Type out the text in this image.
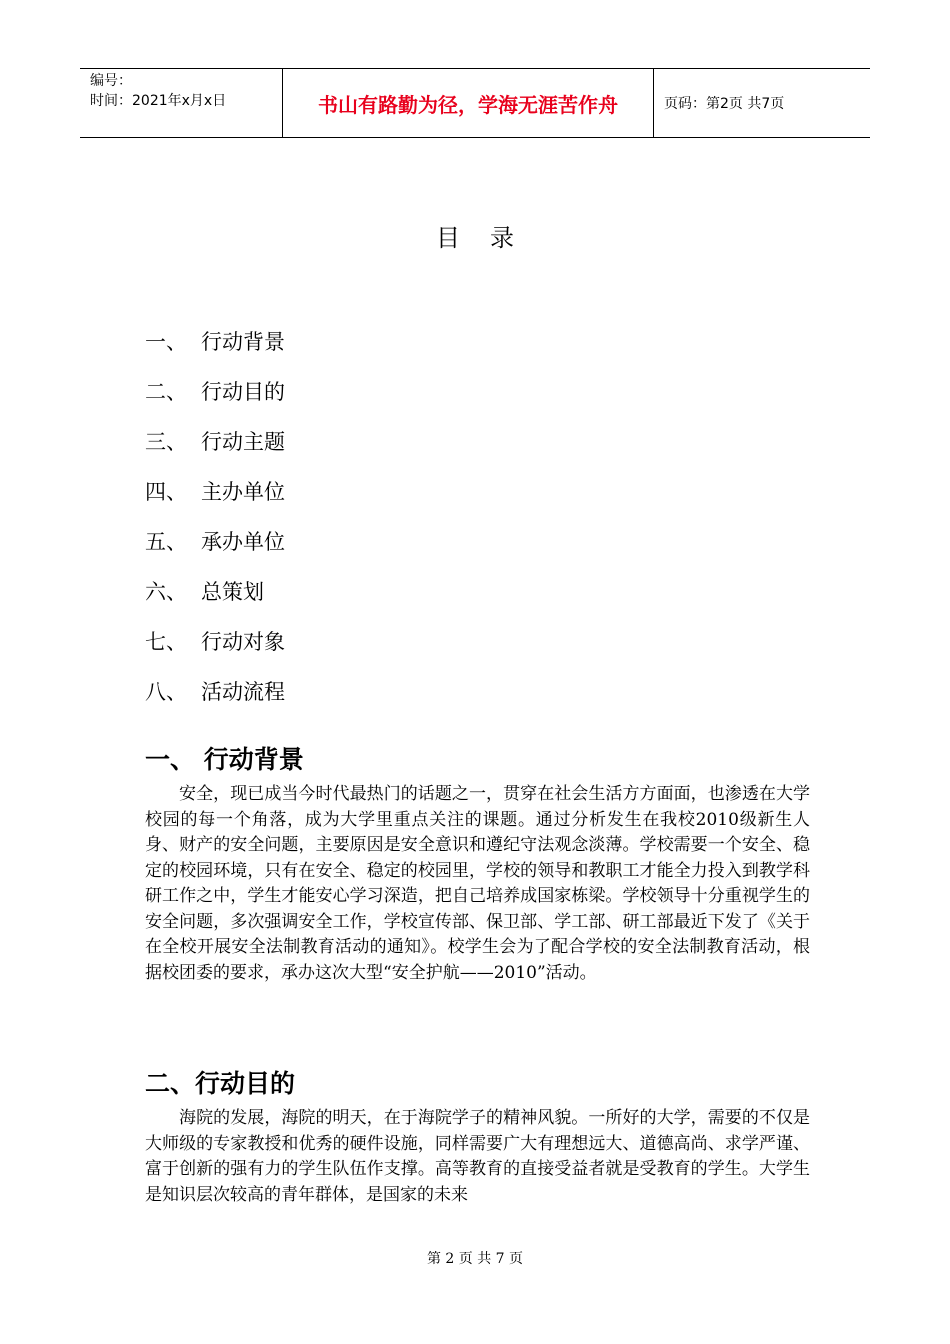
编号：
时间：2021年x月x日	书山有路勤为径，学海无涯苦作舟	页码：第2页 共7页
目录
一、 行动背景
二、 行动目的
三、 行动主题
四、 主办单位
五、 承办单位
六、 总策划
七、 行动对象
八、 活动流程
一、 行动背景
安全，现已成当今时代最热门的话题之一，贯穿在社会生活方方面面，也渗透在大学校园的每一个角落，成为大学里重点关注的课题。通过分析发生在我校2010级新生人身、财产的安全问题，主要原因是安全意识和遵纪守法观念淡薄。学校需要一个安全、稳定的校园环境，只有在安全、稳定的校园里，学校的领导和教职工才能全力投入到教学科研工作之中，学生才能安心学习深造，把自己培养成国家栋梁。学校领导十分重视学生的安全问题，多次强调安全工作，学校宣传部、保卫部、学工部、研工部最近下发了《关于在全校开展安全法制教育活动的通知》。校学生会为了配合学校的安全法制教育活动，根据校团委的要求，承办这次大型“安全护航——2010”活动。
二、行动目的
海院的发展，海院的明天，在于海院学子的精神风貌。一所好的大学，需要的不仅是大师级的专家教授和优秀的硬件设施，同样需要广大有理想远大、道德高尚、求学严谨、富于创新的强有力的学生队伍作支撑。高等教育的直接受益者就是受教育的学生。大学生是知识层次较高的青年群体，是国家的未来
第 2 页 共 7 页
